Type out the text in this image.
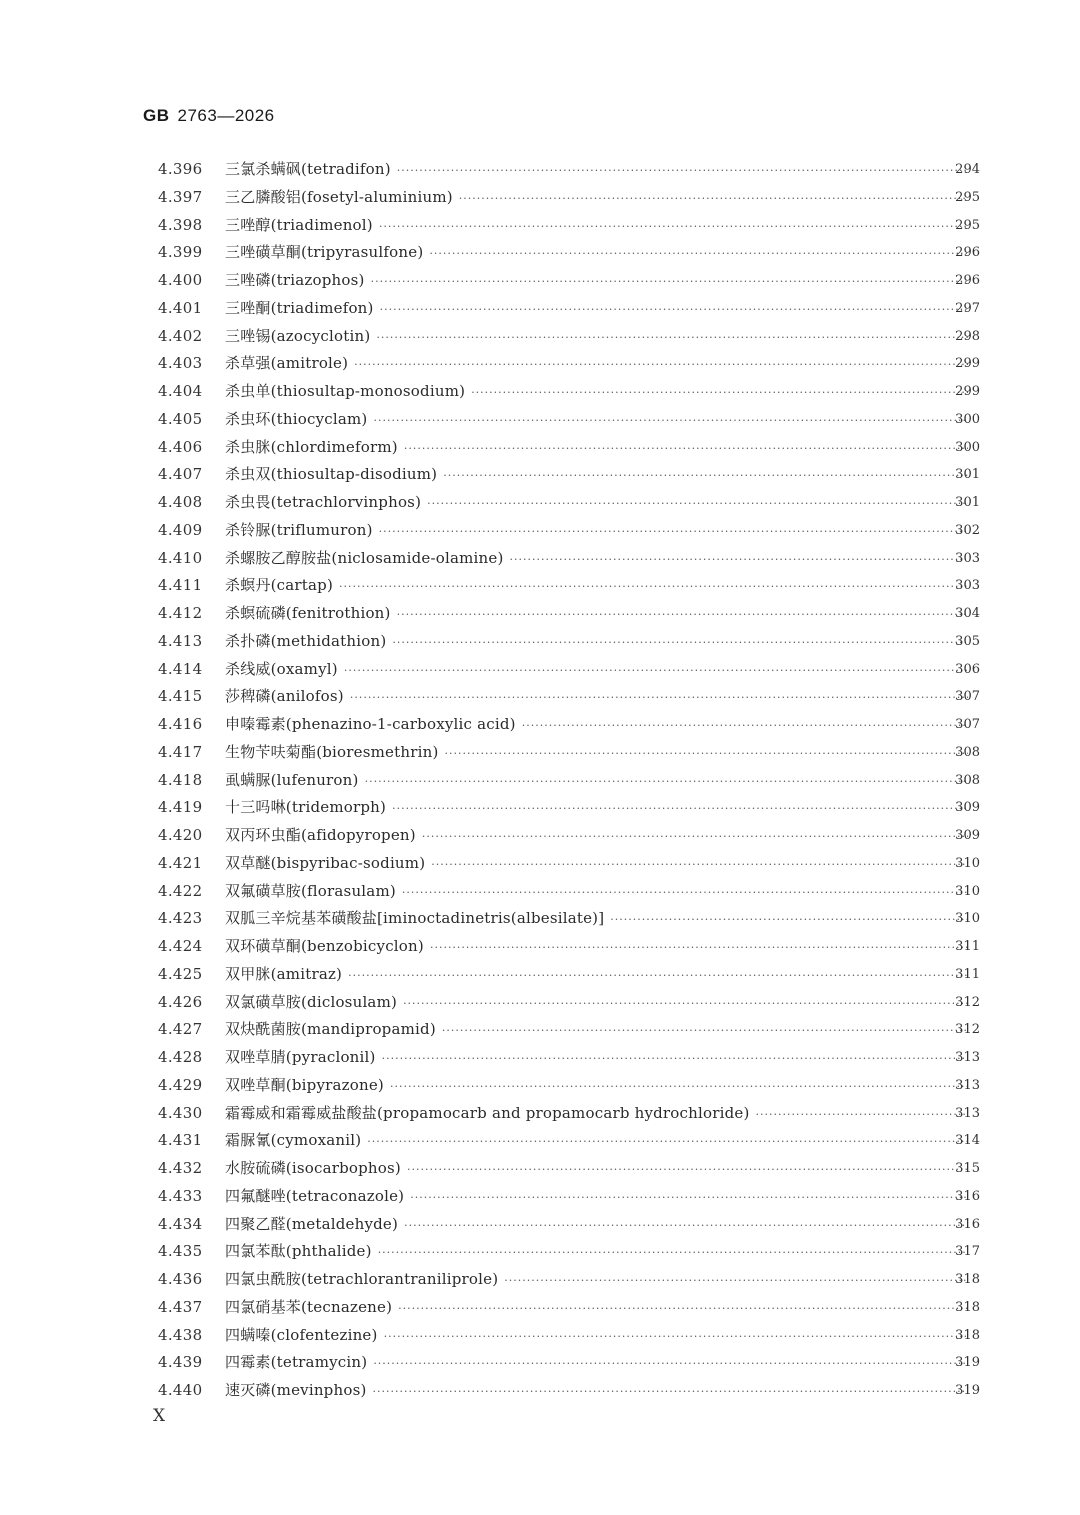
GB 2763—2026
4.396	三氯杀螨砜(tetradifon) ·····	294
4.397	三乙膦酸铝(fosetyl-aluminium) ·····	295
4.398	三唑醇(triadimenol) ·····	295
4.399	三唑磺草酮(tripyrasulfone) ·····	296
4.400	三唑磷(triazophos) ·····	296
4.401	三唑酮(triadimefon) ·····	297
4.402	三唑锡(azocyclotin) ·····	298
4.403	杀草强(amitrole) ·····	299
4.404	杀虫单(thiosultap-monosodium) ·····	299
4.405	杀虫环(thiocyclam) ·····	300
4.406	杀虫脒(chlordimeform) ·····	300
4.407	杀虫双(thiosultap-disodium) ·····	301
4.408	杀虫畏(tetrachlorvinphos) ·····	301
4.409	杀铃脲(triflumuron) ·····	302
4.410	杀螺胺乙醇胺盐(niclosamide-olamine) ·····	303
4.411	杀螟丹(cartap) ·····	303
4.412	杀螟硫磷(fenitrothion) ·····	304
4.413	杀扑磷(methidathion) ·····	305
4.414	杀线威(oxamyl) ·····	306
4.415	莎稗磷(anilofos) ·····	307
4.416	申嗪霉素(phenazino-1-carboxylic acid) ·····	307
4.417	生物苄呋菊酯(bioresmethrin) ·····	308
4.418	虱螨脲(lufenuron) ·····	308
4.419	十三吗啉(tridemorph) ·····	309
4.420	双丙环虫酯(afidopyropen) ·····	309
4.421	双草醚(bispyribac-sodium) ·····	310
4.422	双氟磺草胺(florasulam) ·····	310
4.423	双胍三辛烷基苯磺酸盐[iminoctadinetris(albesilate)] ·····	310
4.424	双环磺草酮(benzobicyclon) ·····	311
4.425	双甲脒(amitraz) ·····	311
4.426	双氯磺草胺(diclosulam) ·····	312
4.427	双炔酰菌胺(mandipropamid) ·····	312
4.428	双唑草腈(pyraclonil) ·····	313
4.429	双唑草酮(bipyrazone) ·····	313
4.430	霜霉威和霜霉威盐酸盐(propamocarb and propamocarb hydrochloride) ·····	313
4.431	霜脲氰(cymoxanil) ·····	314
4.432	水胺硫磷(isocarbophos) ·····	315
4.433	四氟醚唑(tetraconazole) ·····	316
4.434	四聚乙醛(metaldehyde) ·····	316
4.435	四氯苯酞(phthalide) ·····	317
4.436	四氯虫酰胺(tetrachlorantraniliprole) ·····	318
4.437	四氯硝基苯(tecnazene) ·····	318
4.438	四螨嗪(clofentezine) ·····	318
4.439	四霉素(tetramycin) ·····	319
4.440	速灭磷(mevinphos) ·····	319
X
